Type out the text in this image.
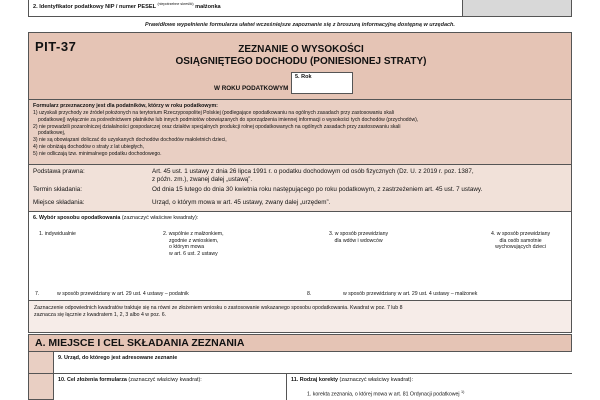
2. Identyfikator podatkowy NIP / numer PESEL $^{(niepotrzebne skreślić)}$ małżonka
Prawidłowe wypełnienie formularza ułatwi wcześniejsze zapoznanie się z broszurą informacyjną dostępną w urzędach.
PIT-37	ZEZNANIE O WYSOKOŚCI
OSIĄGNIĘTEGO DOCHODU (PONIESIONEJ STRATY)
W ROKU PODATKOWYM
5. Rok
Formularz przeznaczony jest dla podatników, którzy w roku podatkowym:
1) uzyskali przychody ze źródeł położonych na terytorium Rzeczypospolitej Polskiej (podlegające opodatkowaniu na ogólnych zasadach przy zastosowaniu skali
podatkowej) wyłącznie za pośrednictwem płatników lub innych podmiotów obowiązanych do sporządzenia imiennej informacji o wysokości tych dochodów (przychodów),
2) nie prowadzili pozarolniczej działalności gospodarczej oraz działów specjalnych produkcji rolnej opodatkowanych na ogólnych zasadach przy zastosowaniu skali
podatkowej,
3) nie są obowiązani doliczać do uzyskanych dochodów dochodów małoletnich dzieci,
4) nie obniżają dochodów o straty z lat ubiegłych,
5) nie odliczają tzw. minimalnego podatku dochodowego.
Podstawa prawna:	Art. 45 ust. 1 ustawy z dnia 26 lipca 1991 r. o podatku dochodowym od osób fizycznych (Dz. U. z 2019 r. poz. 1387,
z późn. zm.), zwanej dalej „ustawą”.
Termin składania:	Od dnia 15 lutego do dnia 30 kwietnia roku następującego po roku podatkowym, z zastrzeżeniem art. 45 ust. 7 ustawy.
Miejsce składania:	Urząd, o którym mowa w art. 45 ustawy, zwany dalej „urzędem”.
6. Wybór sposobu opodatkowania (zaznaczyć właściwe kwadraty):
1. indywidualnie	2. wspólnie z małżonkiem,
zgodnie z wnioskiem,
o którym mowa
w art. 6 ust. 2 ustawy
3. w sposób przewidziany
dla wdów i wdowców
4. w sposób przewidziany
dla osób samotnie
wychowujących dzieci
7.	w sposób przewidziany w art. 29 ust. 4 ustawy – podatnik	8.	w sposób przewidziany w art. 29 ust. 4 ustawy – małżonek
Zaznaczenie odpowiednich kwadratów traktuje się na równi ze złożeniem wniosku o zastosowanie wskazanego sposobu opodatkowania. Kwadrat w poz. 7 lub 8
zaznacza się łącznie z kwadratem 1, 2, 3 albo 4 w poz. 6.
A. MIEJSCE I CEL SKŁADANIA ZEZNANIA
9. Urząd, do którego jest adresowane zeznanie
10. Cel złożenia formularza (zaznaczyć właściwy kwadrat):	11. Rodzaj korekty (zaznaczyć właściwy kwadrat):
1. korekta zeznania, o której mowa w art. 81 Ordynacji podatkowej $^{1)}$
